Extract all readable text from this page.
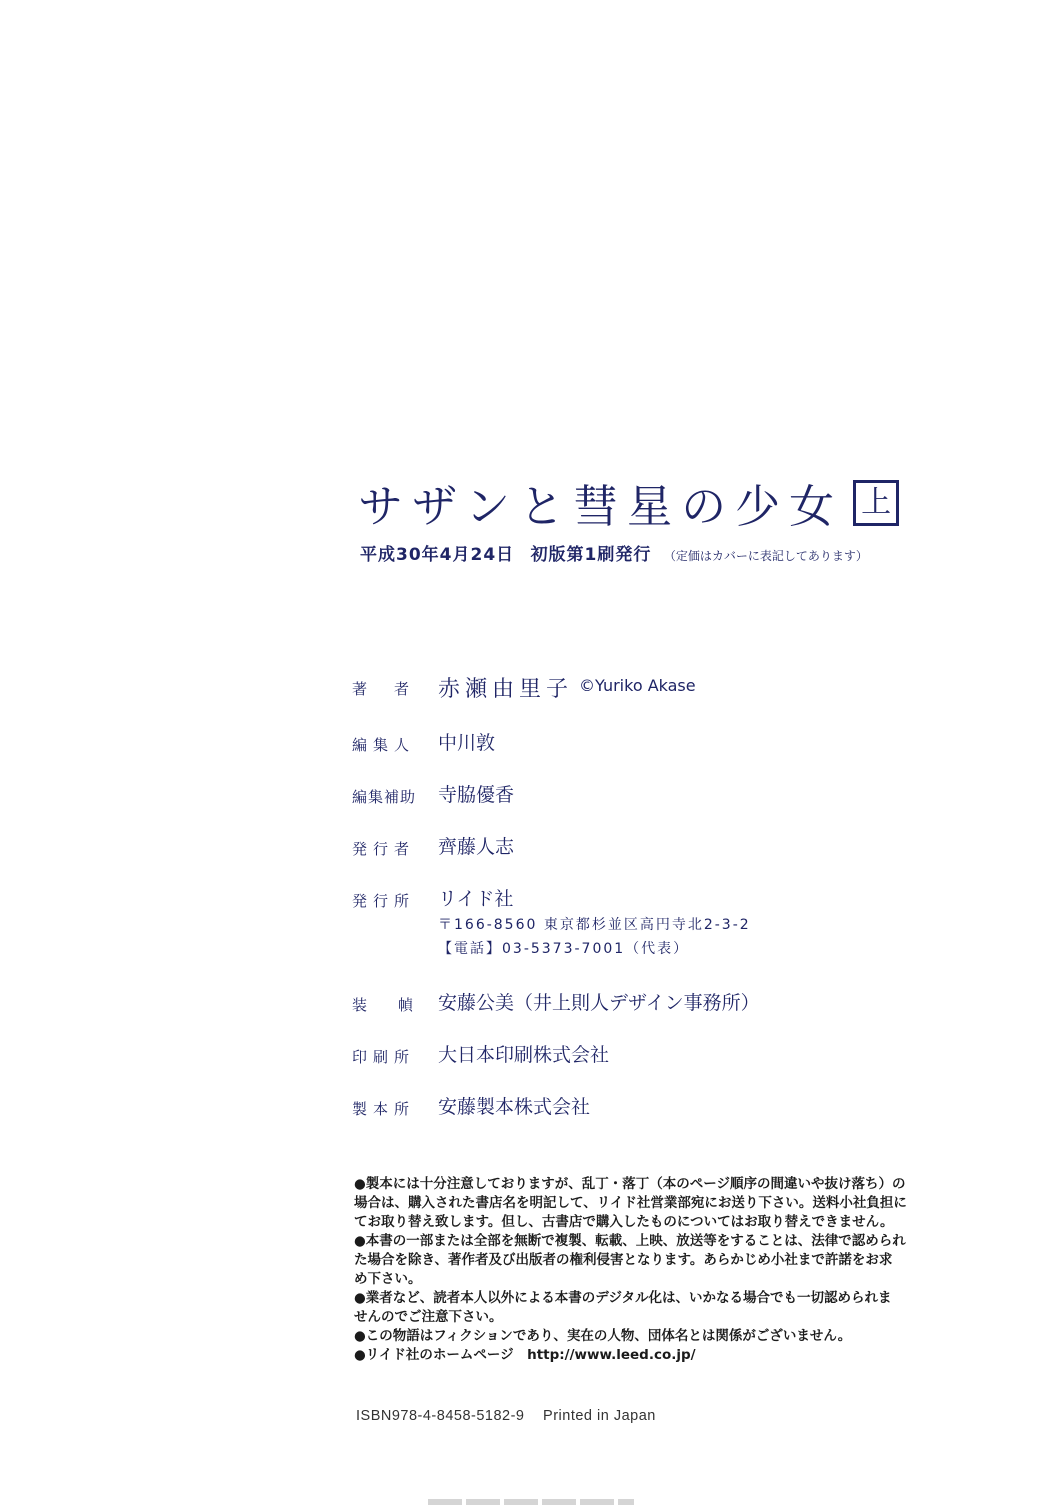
サザンと彗星の少女 上
平成30年4月24日 初版第1刷発行 （定価はカバーに表記してあります）
著　者	赤瀬由里子 ©Yuriko Akase
編集人	中川敦
編集補助	寺脇優香
発行者	齊藤人志
発行所	リイド社
〒166-8560 東京都杉並区高円寺北2-3-2
【電話】03-5373-7001（代表）
装　幀 安藤公美（井上則人デザイン事務所）
印刷所	大日本印刷株式会社
製本所	安藤製本株式会社
●製本には十分注意しておりますが、乱丁・落丁（本のページ順序の間違いや抜け落ち）の
場合は、購入された書店名を明記して、リイド社営業部宛にお送り下さい。送料小社負担に
てお取り替え致します。但し、古書店で購入したものについてはお取り替えできません。
●本書の一部または全部を無断で複製、転載、上映、放送等をすることは、法律で認められ
た場合を除き、著作者及び出版者の権利侵害となります。あらかじめ小社まで許諾をお求
め下さい。
●業者など、読者本人以外による本書のデジタル化は、いかなる場合でも一切認められま
せんのでご注意下さい。
●この物語はフィクションであり、実在の人物、団体名とは関係がございません。
●リイド社のホームページ　http://www.leed.co.jp/
ISBN978-4-8458-5182-9 Printed in Japan
